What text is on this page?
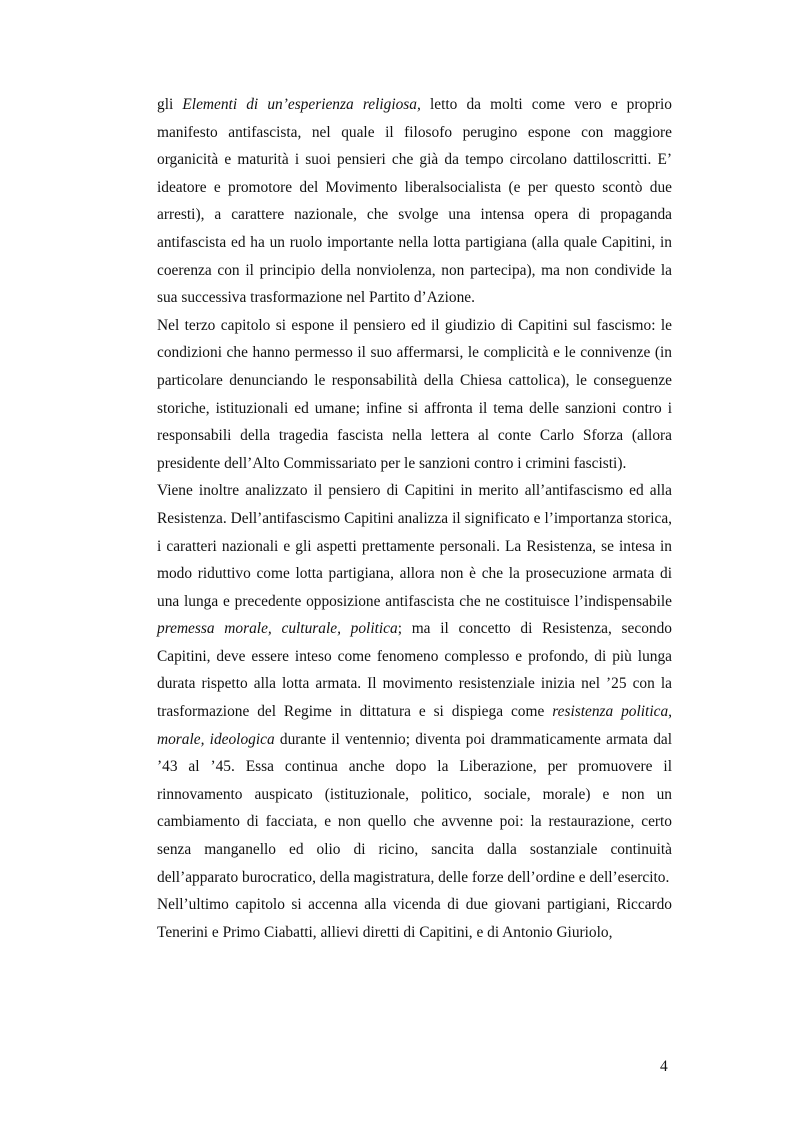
gli Elementi di un’esperienza religiosa, letto da molti come vero e proprio manifesto antifascista, nel quale il filosofo perugino espone con maggiore organicità e maturità i suoi pensieri che già da tempo circolano dattiloscritti. E’ ideatore e promotore del Movimento liberalsocialista (e per questo scontò due arresti), a carattere nazionale, che svolge una intensa opera di propaganda antifascista ed ha un ruolo importante nella lotta partigiana (alla quale Capitini, in coerenza con il principio della nonviolenza, non partecipa), ma non condivide la sua successiva trasformazione nel Partito d’Azione.

Nel terzo capitolo si espone il pensiero ed il giudizio di Capitini sul fascismo: le condizioni che hanno permesso il suo affermarsi, le complicità e le connivenze (in particolare denunciando le responsabilità della Chiesa cattolica), le conseguenze storiche, istituzionali ed umane; infine si affronta il tema delle sanzioni contro i responsabili della tragedia fascista nella lettera al conte Carlo Sforza (allora presidente dell’Alto Commissariato per le sanzioni contro i crimini fascisti).

Viene inoltre analizzato il pensiero di Capitini in merito all’antifascismo ed alla Resistenza. Dell’antifascismo Capitini analizza il significato e l’importanza storica, i caratteri nazionali e gli aspetti prettamente personali. La Resistenza, se intesa in modo riduttivo come lotta partigiana, allora non è che la prosecuzione armata di una lunga e precedente opposizione antifascista che ne costituisce l’indispensabile premessa morale, culturale, politica; ma il concetto di Resistenza, secondo Capitini, deve essere inteso come fenomeno complesso e profondo, di più lunga durata rispetto alla lotta armata. Il movimento resistenziale inizia nel ’25 con la trasformazione del Regime in dittatura e si dispiega come resistenza politica, morale, ideologica durante il ventennio; diventa poi drammaticamente armata dal ’43 al ’45. Essa continua anche dopo la Liberazione, per promuovere il rinnovamento auspicato (istituzionale, politico, sociale, morale) e non un cambiamento di facciata, e non quello che avvenne poi: la restaurazione, certo senza manganello ed olio di ricino, sancita dalla sostanziale continuità dell’apparato burocratico, della magistratura, delle forze dell’ordine e dell’esercito.

Nell’ultimo capitolo si accenna alla vicenda di due giovani partigiani, Riccardo Tenerini e Primo Ciabatti, allievi diretti di Capitini, e di Antonio Giuriolo,

4
